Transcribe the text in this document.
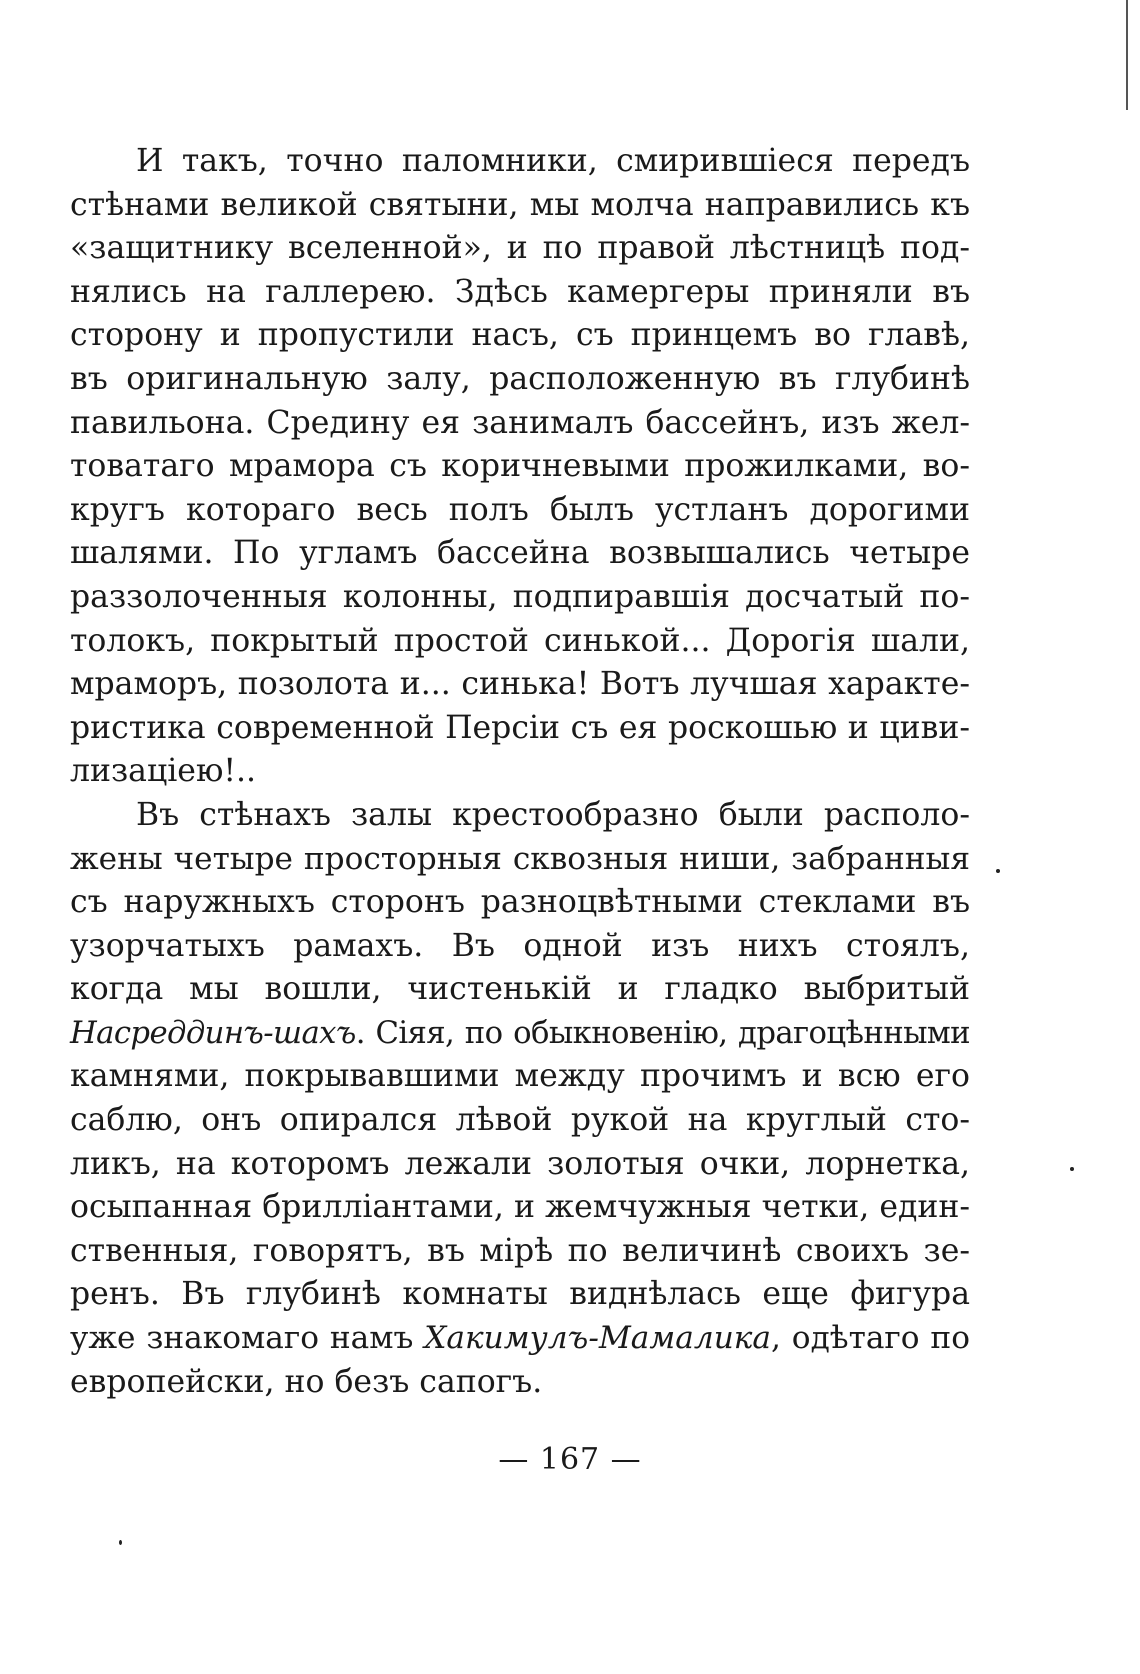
И такъ, точно паломники, смирившіеся передъ
стѣнами великой святыни, мы молча направились къ
«защитнику вселенной», и по правой лѣстницѣ под-
нялись на галлерею. Здѣсь камергеры приняли въ
сторону и пропустили насъ, съ принцемъ во главѣ,
въ оригинальную залу, расположенную въ глубинѣ
павильона. Средину ея занималъ бассейнъ, изъ жел-
товатаго мрамора съ коричневыми прожилками, во-
кругъ котораго весь полъ былъ устланъ дорогими
шалями. По угламъ бассейна возвышались четыре
раззолоченныя колонны, подпиравшія досчатый по-
толокъ, покрытый простой синькой... Дорогія шали,
мраморъ, позолота и... синька! Вотъ лучшая характе-
ристика современной Персіи съ ея роскошью и циви-
лизаціею!..
Въ стѣнахъ залы крестообразно были располо-
жены четыре просторныя сквозныя ниши, забранныя
съ наружныхъ сторонъ разноцвѣтными стеклами въ
узорчатыхъ рамахъ. Въ одной изъ нихъ стоялъ,
когда мы вошли, чистенькій и гладко выбритый
Насреддинъ-шахъ. Сіяя, по обыкновенію, драгоцѣнными
камнями, покрывавшими между прочимъ и всю его
саблю, онъ опирался лѣвой рукой на круглый сто-
ликъ, на которомъ лежали золотыя очки, лорнетка,
осыпанная брилліантами, и жемчужныя четки, един-
ственныя, говорятъ, въ мірѣ по величинѣ своихъ зе-
ренъ. Въ глубинѣ комнаты виднѣлась еще фигура
уже знакомаго намъ Хакимулъ-Мамалика, одѣтаго по
европейски, но безъ сапогъ.
— 167 —
